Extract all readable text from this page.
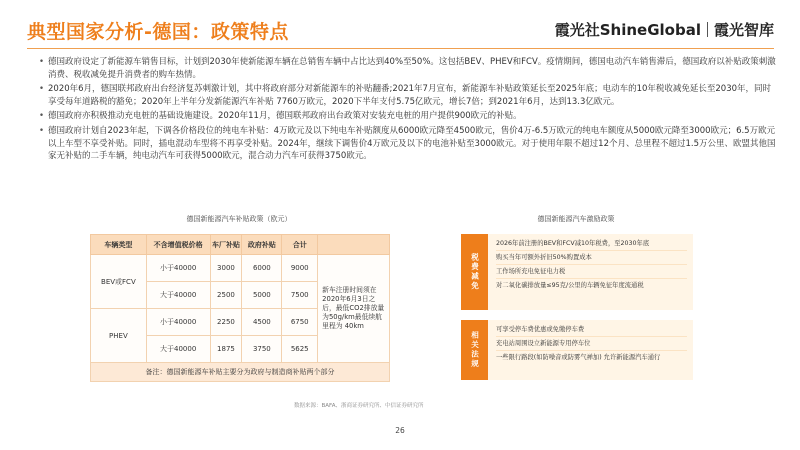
典型国家分析-德国：政策特点	霞光社ShineGlobal 霞光智库
• 德国政府设定了新能源车销售目标，计划到2030年使新能源车辆在总销售车辆中占比达到40%至50%。这包括BEV、PHEV和FCV。疫情期间，德国电动汽车销售滞后，德国政府以补贴政策刺激消费、税收减免提升消费者的购车热情。
• 2020年6月，德国联邦政府出台经济复苏刺激计划，其中将政府部分对新能源车的补贴翻番;2021年7月宣布，新能源车补贴政策延长至2025年底；电动车的10年税收减免延长至2030年，同时享受每年道路税的豁免；2020年上半年分发新能源汽车补贴 7760万欧元，2020下半年支付5.75亿欧元，增长7倍；到2021年6月，达到13.3亿欧元。
• 德国政府亦积极推动充电桩的基础设施建设。2020年11月，德国联邦政府出台政策对安装充电桩的用户提供900欧元的补贴。
• 德国政府计划自2023年起，下调各价格段位的纯电车补贴：4万欧元及以下纯电车补贴额度从6000欧元降至4500欧元，售价4万-6.5万欧元的纯电车额度从5000欧元降至3000欧元；6.5万欧元以上车型不享受补贴。同时，插电混动车型将不再享受补贴。2024年，继续下调售价4万欧元及以下的电池补贴至3000欧元。对于使用年限不超过12个月、总里程不超过1.5万公里、欧盟其他国家无补贴的二手车辆，纯电动汽车可获得5000欧元，混合动力汽车可获得3750欧元。
德国新能源汽车补贴政策（欧元）
车辆类型	不含增值税价格	车厂补贴	政府补贴	合计	
BEV或FCV	小于40000	3000	6000	9000	新车注册时间须在2020年6月3日之后，最低CO2排放量为50g/km最低续航里程为 40km
	大于40000	2500	5000	7500	
PHEV	小于40000	2250	4500	6750	
	大于40000	1875	3750	5625	
备注：德国新能源车补贴主要分为政府与制造商补贴两个部分					
德国新能源汽车激励政策
税费减免
2026年前注册的BEV和FCV减10年税费，至2030年底
购买当年可额外折旧50%购置成本
工作场所充电免征电力税
对二氧化碳排放量≤95克/公里的车辆免征年度流通税
相关法规
可享受停车费优惠或免缴停车费
充电站周围设立新能源专用停车位
一些限行路段(如防噪音或防雾气禅加) 允许新能源汽车通行
数据来源：BAFA、浙商证券研究所、中信证券研究所
26
